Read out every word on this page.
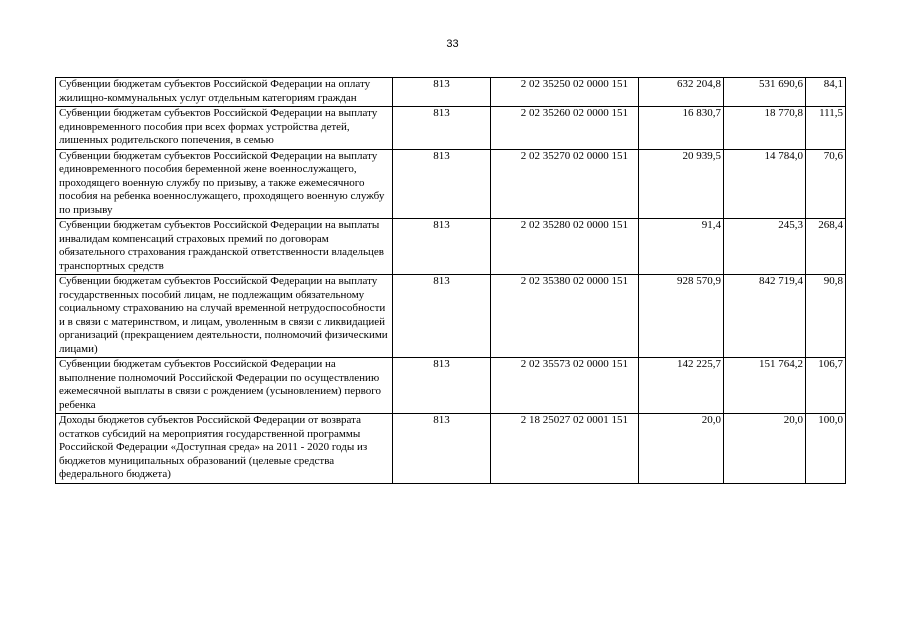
33
Субвенции бюджетам субъектов Российской Федерации на оплату жилищно-коммунальных услуг отдельным категориям граждан	813	2 02 35250 02 0000 151	632 204,8	531 690,6	84,1
Субвенции бюджетам субъектов Российской Федерации на выплату единовременного пособия при всех формах устройства детей, лишенных родительского попечения, в семью	813	2 02 35260 02 0000 151	16 830,7	18 770,8	111,5
Субвенции бюджетам субъектов Российской Федерации на выплату единовременного пособия беременной жене военнослужащего, проходящего военную службу по призыву, а также ежемесячного пособия на ребенка военнослужащего, проходящего военную службу по призыву	813	2 02 35270 02 0000 151	20 939,5	14 784,0	70,6
Субвенции бюджетам субъектов Российской Федерации на выплаты инвалидам компенсаций страховых премий по договорам обязательного страхования гражданской ответственности владельцев транспортных средств	813	2 02 35280 02 0000 151	91,4	245,3	268,4
Субвенции бюджетам субъектов Российской Федерации на выплату государственных пособий лицам, не подлежащим обязательному социальному страхованию на случай временной нетрудоспособности и в связи с материнством, и лицам, уволенным в связи с ликвидацией организаций (прекращением деятельности, полномочий физическими лицами)	813	2 02 35380 02 0000 151	928 570,9	842 719,4	90,8
Субвенции бюджетам субъектов Российской Федерации на выполнение полномочий Российской Федерации по осуществлению ежемесячной выплаты в связи с рождением (усыновлением) первого ребенка	813	2 02 35573 02 0000 151	142 225,7	151 764,2	106,7
Доходы бюджетов субъектов Российской Федерации от возврата остатков субсидий на мероприятия государственной программы Российской Федерации «Доступная среда» на 2011 - 2020 годы из бюджетов муниципальных образований (целевые средства федерального бюджета)	813	2 18 25027 02 0001 151	20,0	20,0	100,0
